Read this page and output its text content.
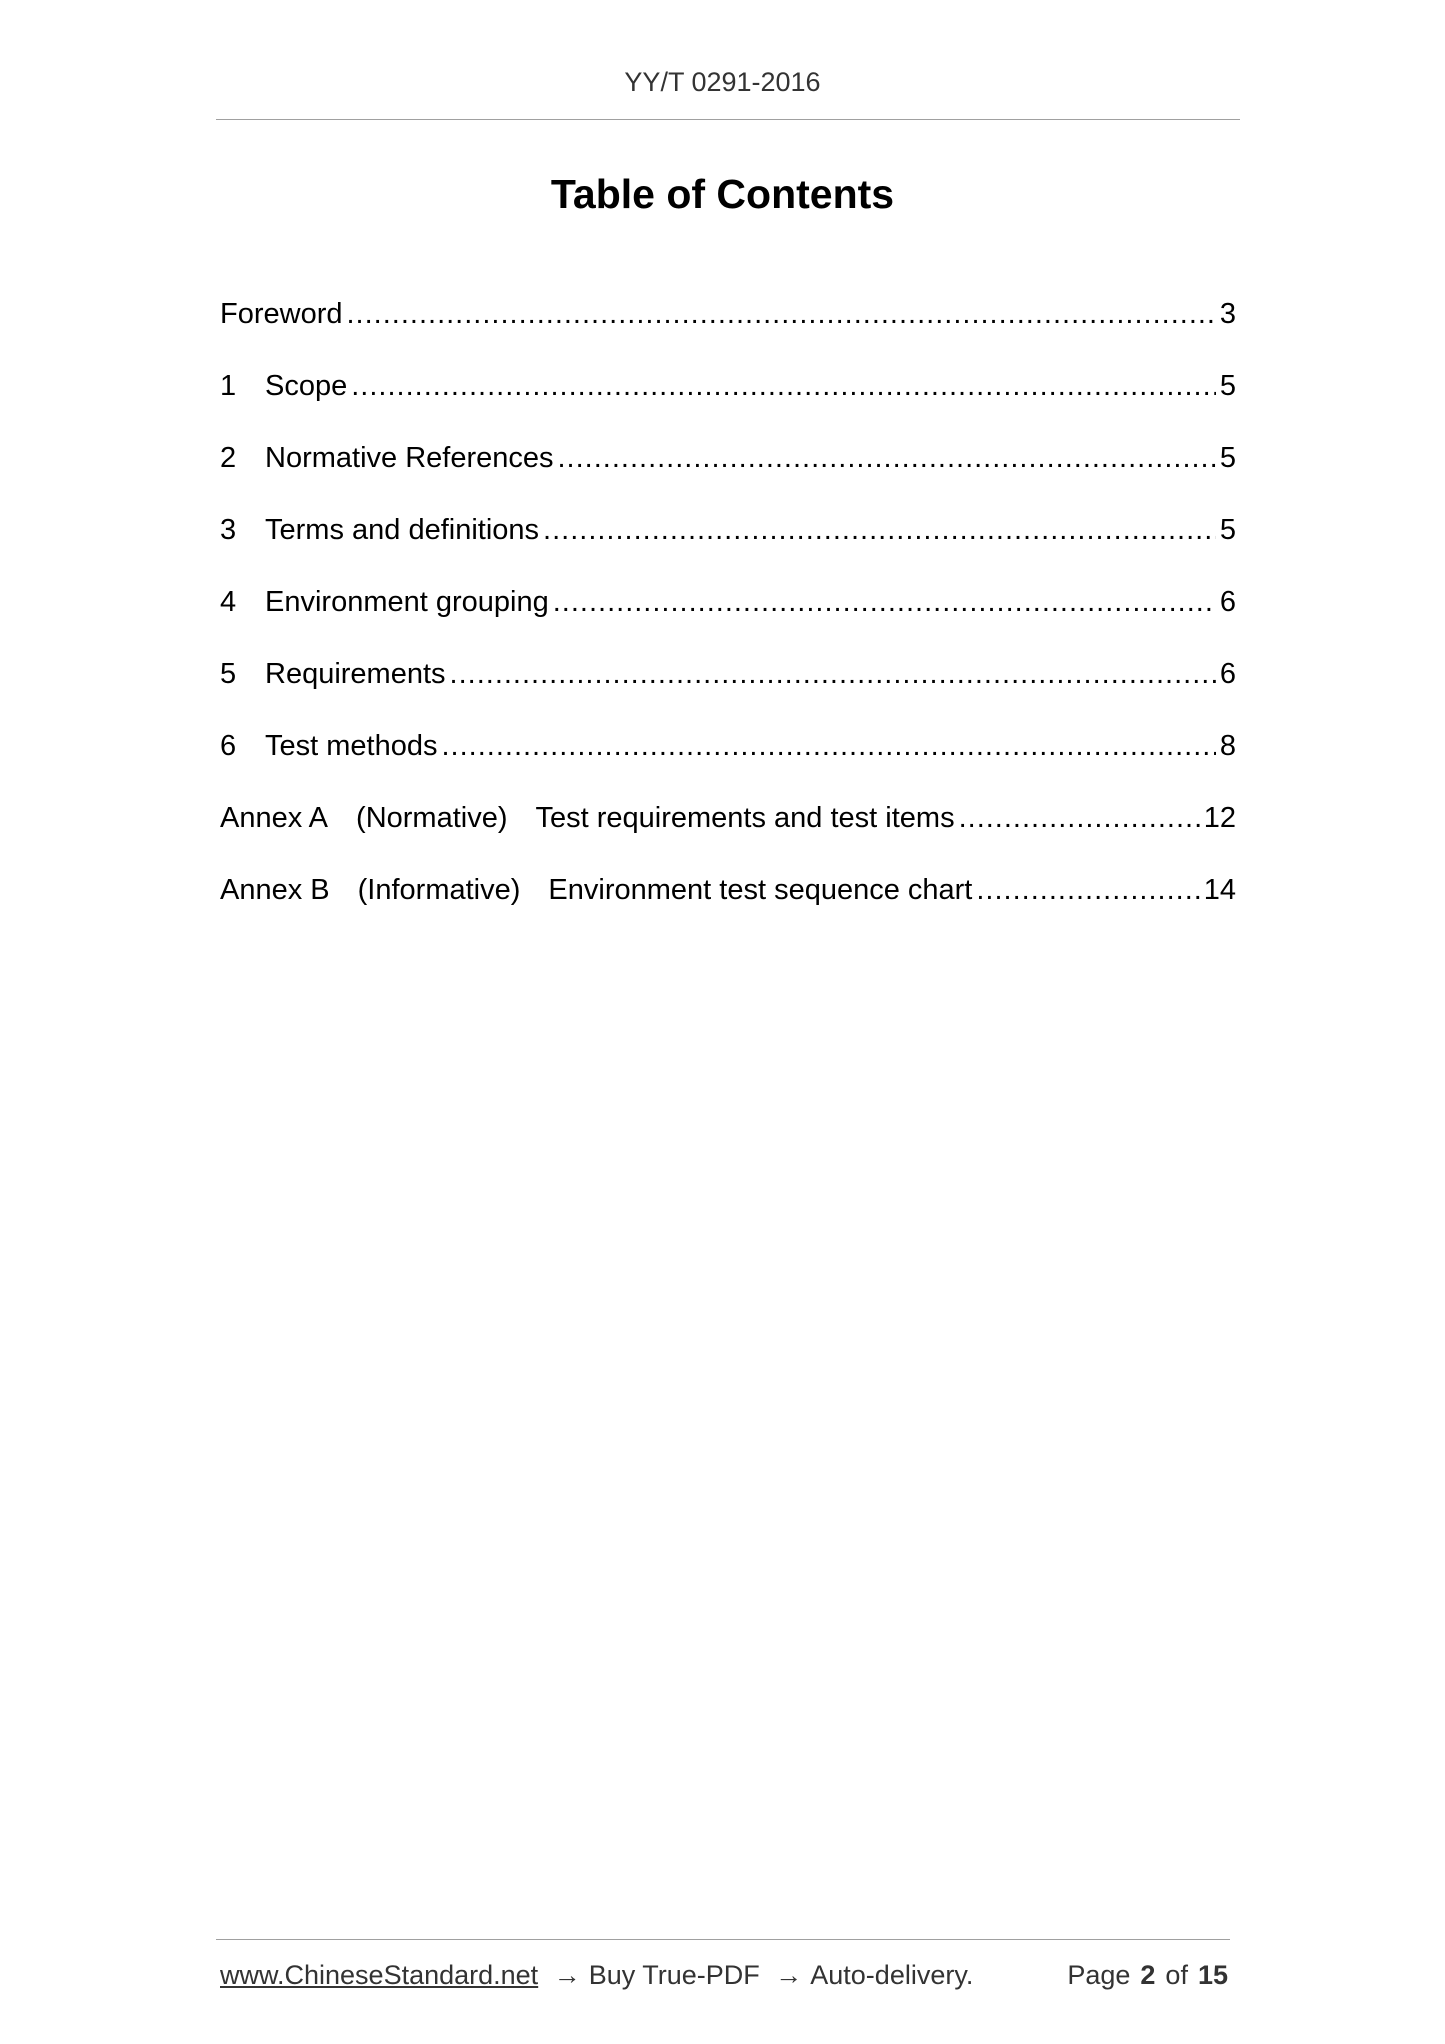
YY/T 0291-2016
Table of Contents
Foreword .....	3
1 Scope .....	5
2 Normative References .....	5
3 Terms and definitions .....	5
4 Environment grouping .....	6
5 Requirements .....	6
6 Test methods .....	8
Annex A (Normative) Test requirements and test items .....	12
Annex B (Informative) Environment test sequence chart .....	14
www.ChineseStandard.net → Buy True-PDF → Auto-delivery.	Page 2 of 15
